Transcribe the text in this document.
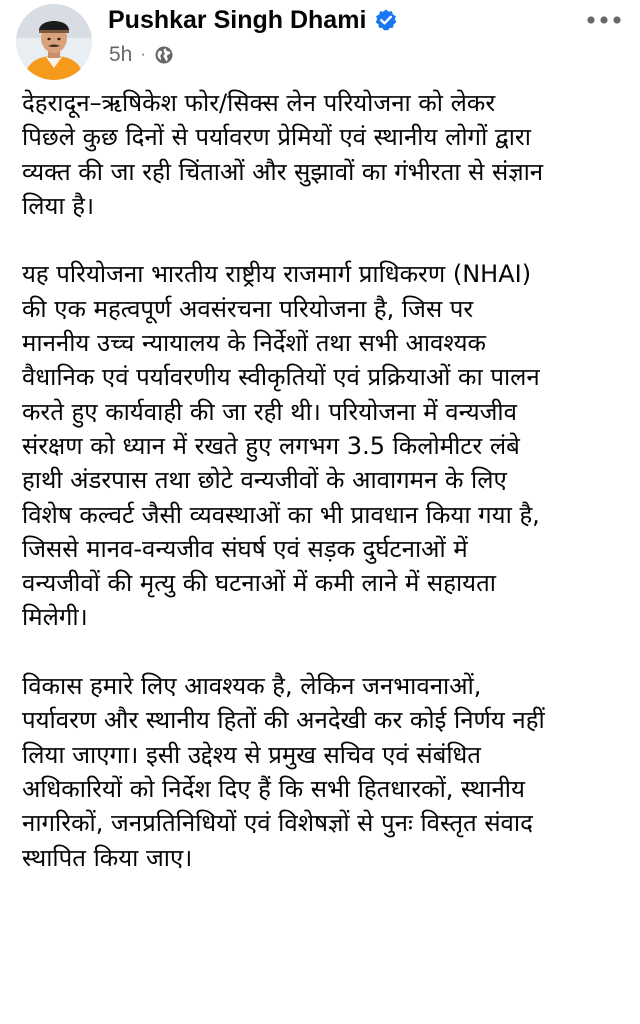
Pushkar Singh Dhami
5h ·

देहरादून–ऋषिकेश फोर/सिक्स लेन परियोजना को लेकर
पिछले कुछ दिनों से पर्यावरण प्रेमियों एवं स्थानीय लोगों द्वारा
व्यक्त की जा रही चिंताओं और सुझावों का गंभीरता से संज्ञान
लिया है।

यह परियोजना भारतीय राष्ट्रीय राजमार्ग प्राधिकरण (NHAI)
की एक महत्वपूर्ण अवसंरचना परियोजना है, जिस पर
माननीय उच्च न्यायालय के निर्देशों तथा सभी आवश्यक
वैधानिक एवं पर्यावरणीय स्वीकृतियों एवं प्रक्रियाओं का पालन
करते हुए कार्यवाही की जा रही थी। परियोजना में वन्यजीव
संरक्षण को ध्यान में रखते हुए लगभग 3.5 किलोमीटर लंबे
हाथी अंडरपास तथा छोटे वन्यजीवों के आवागमन के लिए
विशेष कल्वर्ट जैसी व्यवस्थाओं का भी प्रावधान किया गया है,
जिससे मानव-वन्यजीव संघर्ष एवं सड़क दुर्घटनाओं में
वन्यजीवों की मृत्यु की घटनाओं में कमी लाने में सहायता
मिलेगी।

विकास हमारे लिए आवश्यक है, लेकिन जनभावनाओं,
पर्यावरण और स्थानीय हितों की अनदेखी कर कोई निर्णय नहीं
लिया जाएगा। इसी उद्देश्य से प्रमुख सचिव एवं संबंधित
अधिकारियों को निर्देश दिए हैं कि सभी हितधारकों, स्थानीय
नागरिकों, जनप्रतिनिधियों एवं विशेषज्ञों से पुनः विस्तृत संवाद
स्थापित किया जाए।
